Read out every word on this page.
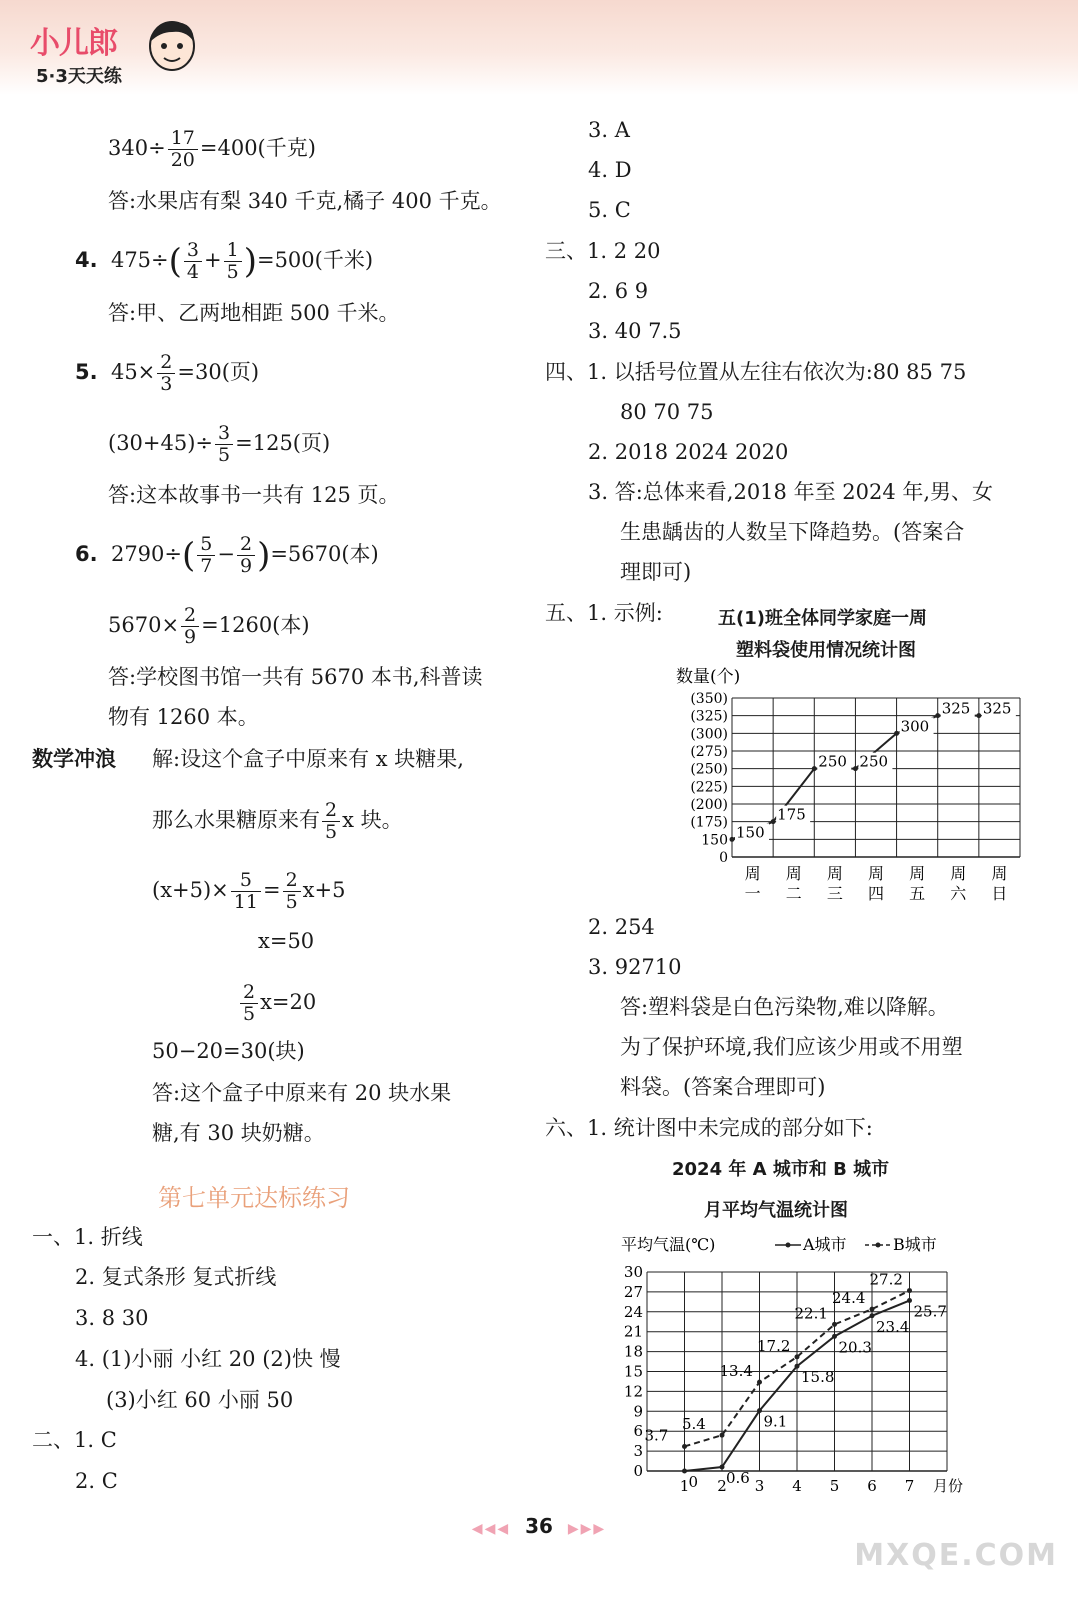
小儿郎
5·3天天练
$340\div \frac{17}{20} =400$(千克)
答:水果店有梨 340 千克,橘子 400 千克。
4. $475\div( \frac{3}{4} + \frac{1}{5} )=500$(千米)
答:甲、乙两地相距 500 千米。
5. $45\times \frac{2}{3} =30$(页)
$(30+45)\div \frac{3}{5} =125$(页)
答:这本故事书一共有 125 页。
6. $2790\div( \frac{5}{7} - \frac{2}{9} )=5670$(本)
$5670\times \frac{2}{9} =1260$(本)
答:学校图书馆一共有 5670 本书,科普读
物有 1260 本。
数学冲浪 解:设这个盒子中原来有 x 块糖果,
那么水果糖原来有 $\frac{2}{5}$ x 块。
$(x+5)\times \frac{5}{11} = \frac{2}{5} x+5$
x=50
$\frac{2}{5} x=20$
50−20=30(块)
答:这个盒子中原来有 20 块水果
糖,有 30 块奶糖。
第七单元达标练习
一、1. 折线
2. 复式条形 复式折线
3. 8 30
4. (1)小丽 小红 20 (2)快 慢
(3)小红 60 小丽 50
二、1. C
2. C
3. A
4. D
5. C
三、1. 2 20
2. 6 9
3. 40 7.5
四、1. 以括号位置从左往右依次为:80 85 75
80 70 75
2. 2018 2024 2020
3. 答:总体来看,2018 年至 2024 年,男、女
生患龋齿的人数呈下降趋势。(答案合
理即可)
五、1. 示例:	五(1)班全体同学家庭一周
塑料袋使用情况统计图
数量(个)
(350)
(325)
(300)
(275)
(250)
(225)
(200)
(175)
150
0
150
175
250 250
300
325 325
周
一
周
二
周
三
周
四
周
五
周
六
周
日
2. 254
3. 92710
答:塑料袋是白色污染物,难以降解。
为了保护环境,我们应该少用或不用塑
料袋。(答案合理即可)
六、1. 统计图中未完成的部分如下:
2024 年 A 城市和 B 城市
月平均气温统计图
平均气温(℃)	A城市	B城市
30
27
24
21
18
15
12
9
6
3
0
1 2 3 4 5 6 7 月份
0 0.6
9.1
15.8
20.3
23.4
25.7
3.7
5.4
13.4
17.2
22.1
24.4
27.2
◀◀◀ 36 ▶▶▶
MXQE.COM
